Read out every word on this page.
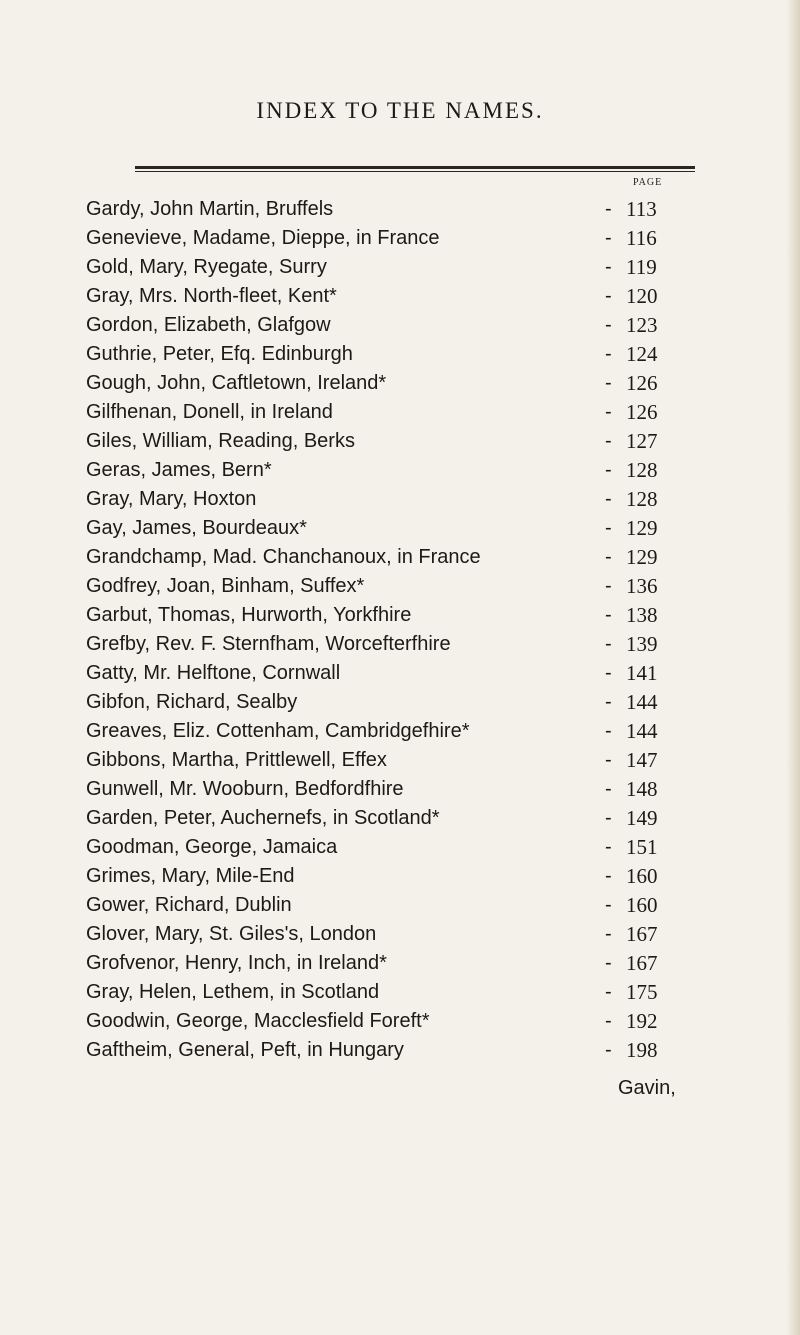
INDEX TO THE NAMES.
PAGE
Gardy, John Martin, Bruffels	- 113
Genevieve, Madame, Dieppe, in France	- 116
Gold, Mary, Ryegate, Surry	- 119
Gray, Mrs. North-fleet, Kent*	- 120
Gordon, Elizabeth, Glafgow	- 123
Guthrie, Peter, Efq. Edinburgh	- 124
Gough, John, Caftletown, Ireland*	- 126
Gilfhenan, Donell, in Ireland	- 126
Giles, William, Reading, Berks	- 127
Geras, James, Bern*	- 128
Gray, Mary, Hoxton	- 128
Gay, James, Bourdeaux*	- 129
Grandchamp, Mad. Chanchanoux, in France	- 129
Godfrey, Joan, Binham, Suffex*	- 136
Garbut, Thomas, Hurworth, Yorkfhire	- 138
Grefby, Rev. F. Sternfham, Worcefterfhire	- 139
Gatty, Mr. Helftone, Cornwall	- 141
Gibfon, Richard, Sealby	- 144
Greaves, Eliz. Cottenham, Cambridgefhire*	- 144
Gibbons, Martha, Prittlewell, Effex	- 147
Gunwell, Mr. Wooburn, Bedfordfhire	- 148
Garden, Peter, Auchernefs, in Scotland*	- 149
Goodman, George, Jamaica	- 151
Grimes, Mary, Mile-End	- 160
Gower, Richard, Dublin	- 160
Glover, Mary, St. Giles's, London	- 167
Grofvenor, Henry, Inch, in Ireland*	- 167
Gray, Helen, Lethem, in Scotland	- 175
Goodwin, George, Macclesfield Foreft*	- 192
Gaftheim, General, Peft, in Hungary	- 198
Gavin,
